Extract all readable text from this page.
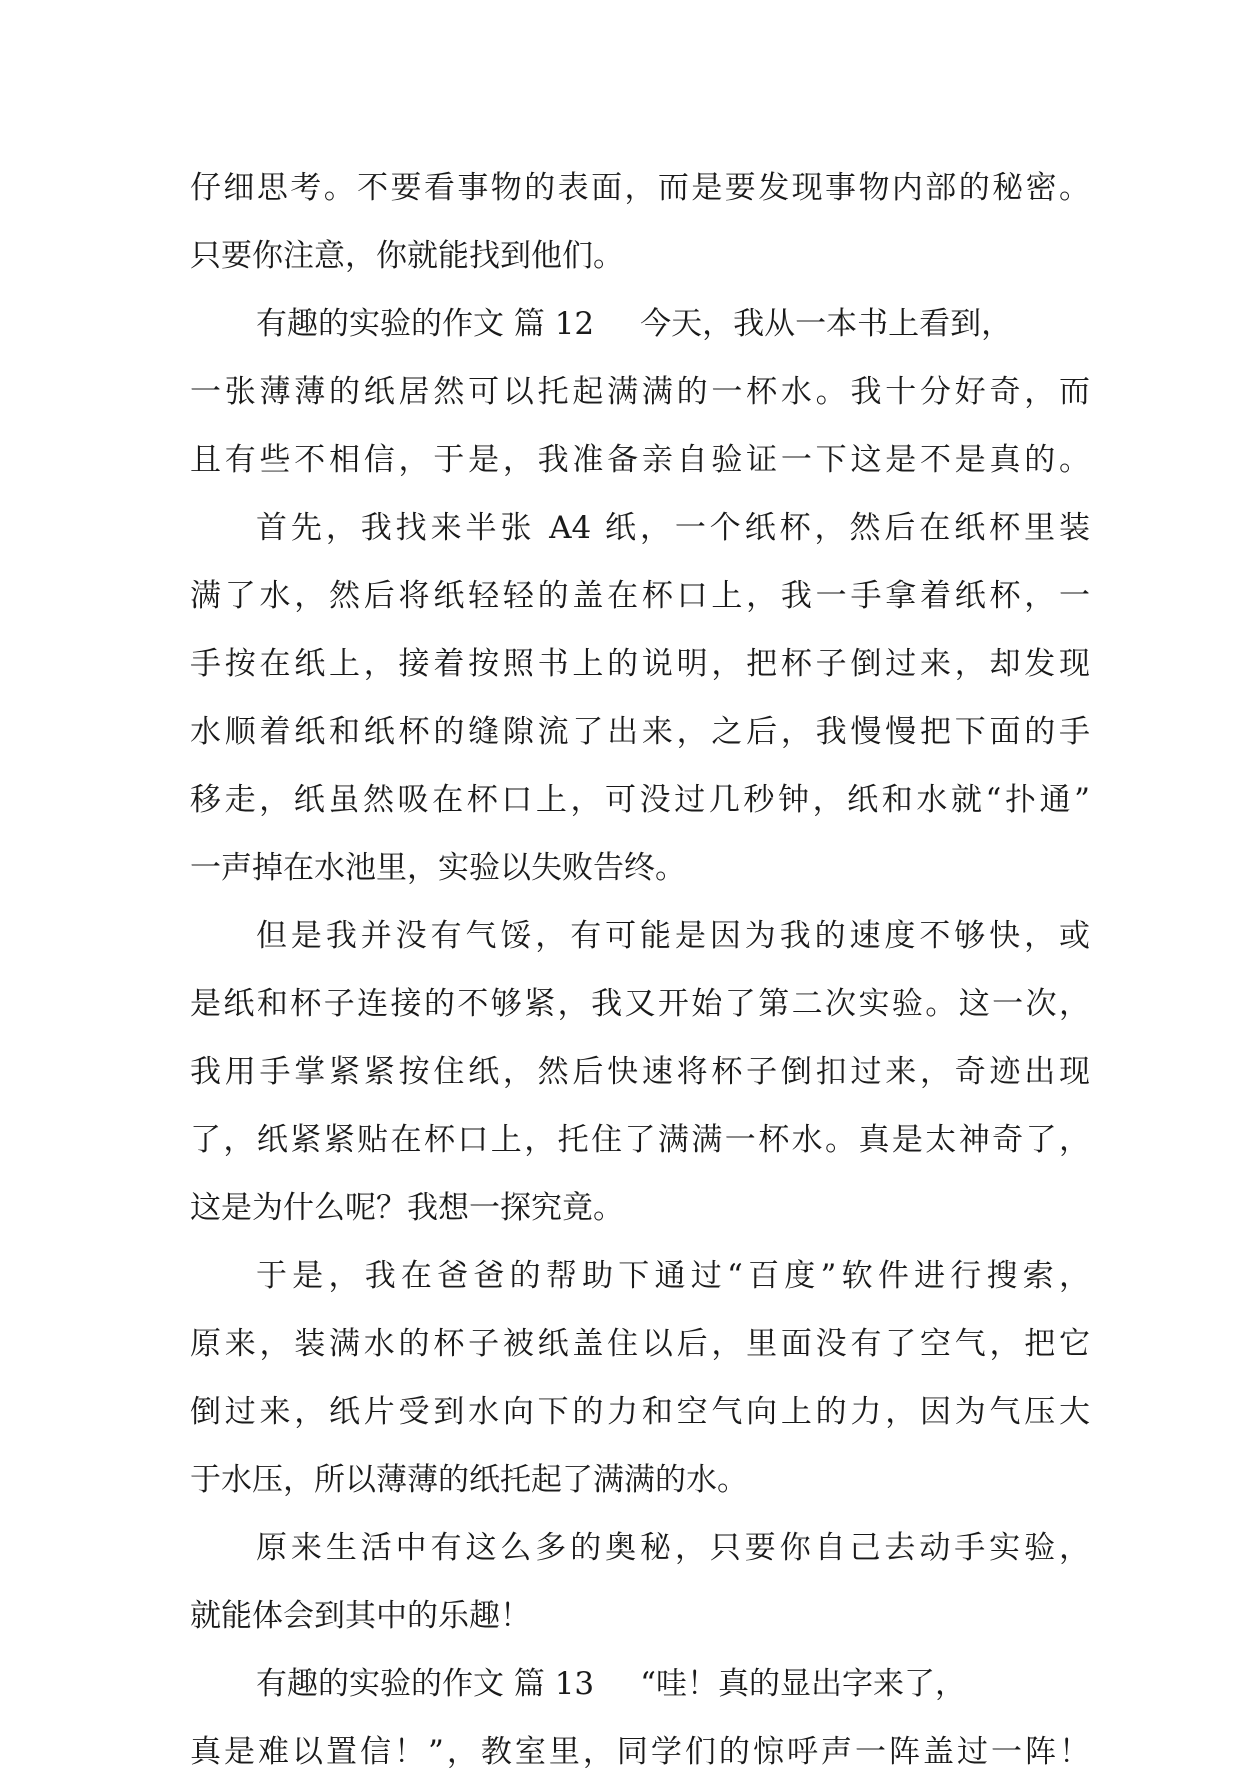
仔细思考。不要看事物的表面，而是要发现事物内部的秘密。
只要你注意，你就能找到他们。
有趣的实验的作文 篇 12 今天，我从一本书上看到，
一张薄薄的纸居然可以托起满满的一杯水。我十分好奇，而
且有些不相信，于是，我准备亲自验证一下这是不是真的。
首先，我找来半张 A4 纸，一个纸杯，然后在纸杯里装
满了水，然后将纸轻轻的盖在杯口上，我一手拿着纸杯，一
手按在纸上，接着按照书上的说明，把杯子倒过来，却发现
水顺着纸和纸杯的缝隙流了出来，之后，我慢慢把下面的手
移走，纸虽然吸在杯口上，可没过几秒钟，纸和水就“扑通”
一声掉在水池里，实验以失败告终。
但是我并没有气馁，有可能是因为我的速度不够快，或
是纸和杯子连接的不够紧，我又开始了第二次实验。这一次，
我用手掌紧紧按住纸，然后快速将杯子倒扣过来，奇迹出现
了，纸紧紧贴在杯口上，托住了满满一杯水。真是太神奇了，
这是为什么呢？我想一探究竟。
于是，我在爸爸的帮助下通过“百度”软件进行搜索，
原来，装满水的杯子被纸盖住以后，里面没有了空气，把它
倒过来，纸片受到水向下的力和空气向上的力，因为气压大
于水压，所以薄薄的纸托起了满满的水。
原来生活中有这么多的奥秘，只要你自己去动手实验，
就能体会到其中的乐趣！
有趣的实验的作文 篇 13 “哇！真的显出字来了，
真是难以置信！”，教室里，同学们的惊呼声一阵盖过一阵！
